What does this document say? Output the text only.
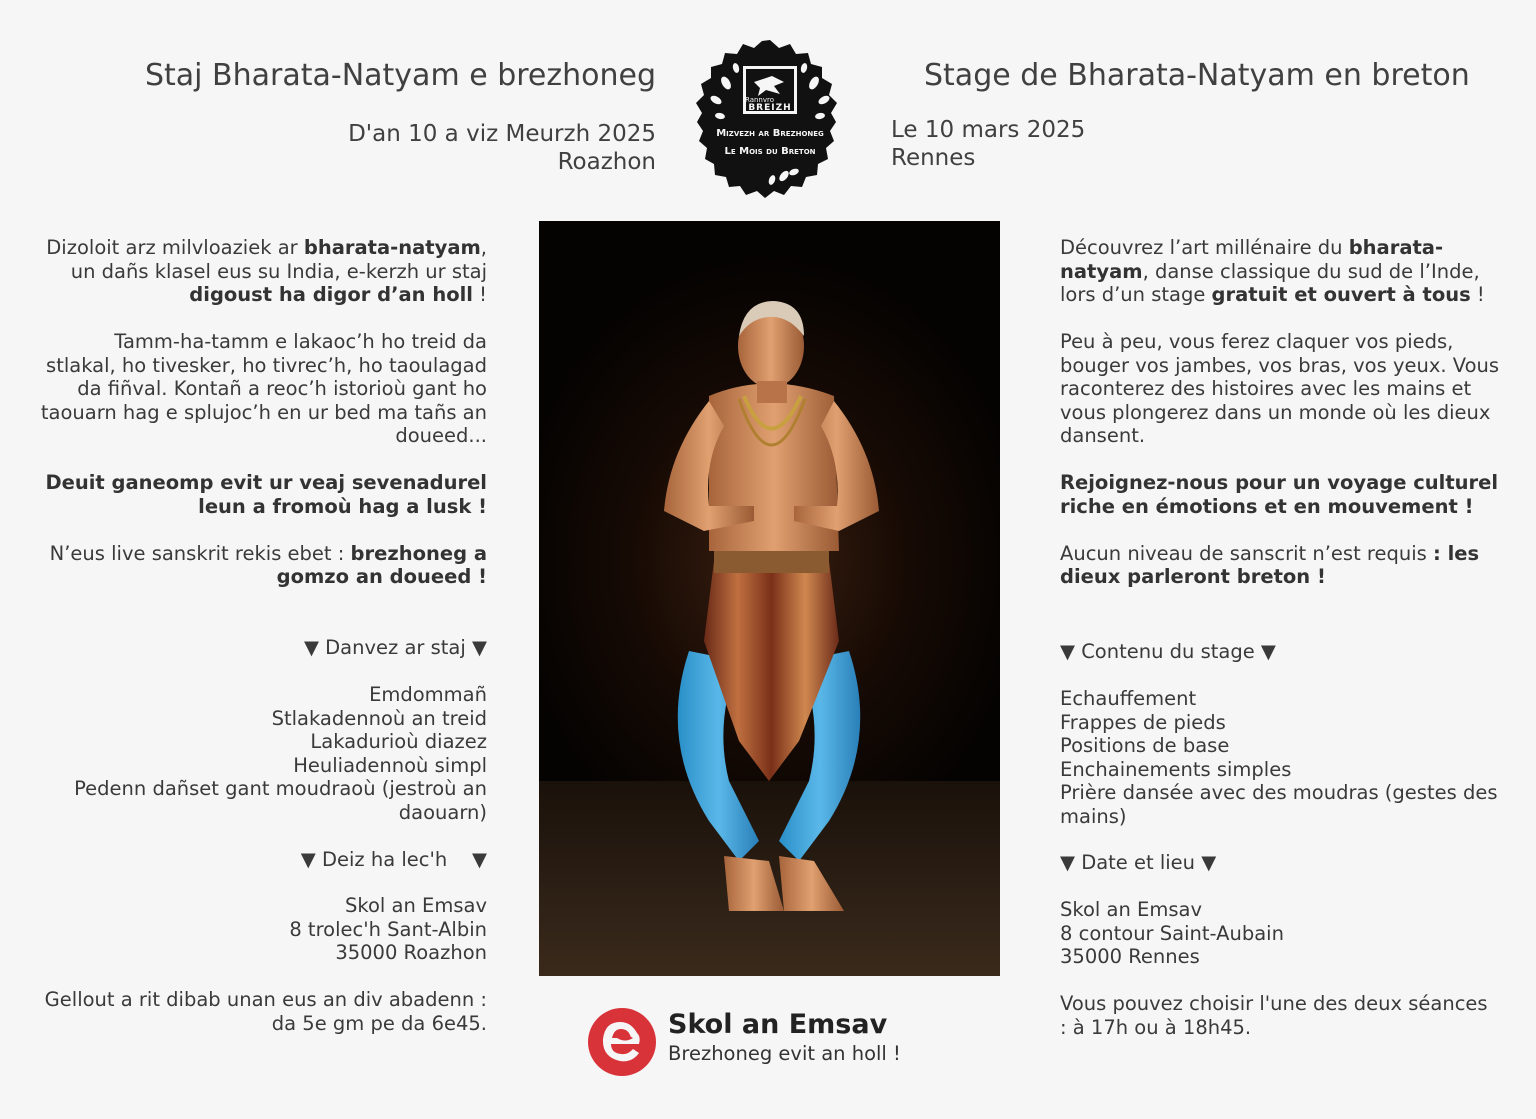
Staj Bharata-Natyam e brezhoneg
D'an 10 a viz Meurzh 2025
Roazhon
Stage de Bharata-Natyam en breton
Le 10 mars 2025
Rennes
Rannvro
BREIZH
Mizvezh ar Brezhoneg
Le Mois du Breton

Dizoloit arz milvloaziek ar bharata-natyam, un dañs klasel eus su India, e-kerzh ur staj digoust ha digor d’an holl !

Tamm-ha-tamm e lakaoc’h ho treid da stlakal, ho tivesker, ho tivrec’h, ho taoulagad da fiñval. Kontañ a reoc’h istorioù gant ho taouarn hag e splujoc’h en ur bed ma tañs an doueed...

Deuit ganeomp evit ur veaj sevenadurel leun a fromoù hag a lusk !

N’eus live sanskrit rekis ebet : brezhoneg a gomzo an doueed !

▼ Danvez ar staj ▼
Emdommañ
Stlakadennoù an treid
Lakadurioù diazez
Heuliadennoù simpl
Pedenn dañset gant moudraoù (jestroù an daouarn)
▼ Deiz ha lec'h    ▼
Skol an Emsav
8 trolec'h Sant-Albin
35000 Roazhon
Gellout a rit dibab unan eus an div abadenn : da 5e gm pe da 6e45.

Découvrez l’art millénaire du bharata-natyam, danse classique du sud de l’Inde, lors d’un stage gratuit et ouvert à tous !

Peu à peu, vous ferez claquer vos pieds, bouger vos jambes, vos bras, vos yeux. Vous raconterez des histoires avec les mains et vous plongerez dans un monde où les dieux dansent.

Rejoignez-nous pour un voyage culturel riche en émotions et en mouvement !

Aucun niveau de sanscrit n’est requis : les dieux parleront breton !

▼ Contenu du stage ▼
Echauffement
Frappes de pieds
Positions de base
Enchainements simples
Prière dansée avec des moudras (gestes des mains)
▼ Date et lieu ▼
Skol an Emsav
8 contour Saint-Aubain
35000 Rennes
Vous pouvez choisir l'une des deux séances : à 17h ou à 18h45.
Skol an Emsav
Brezhoneg evit an holl !
